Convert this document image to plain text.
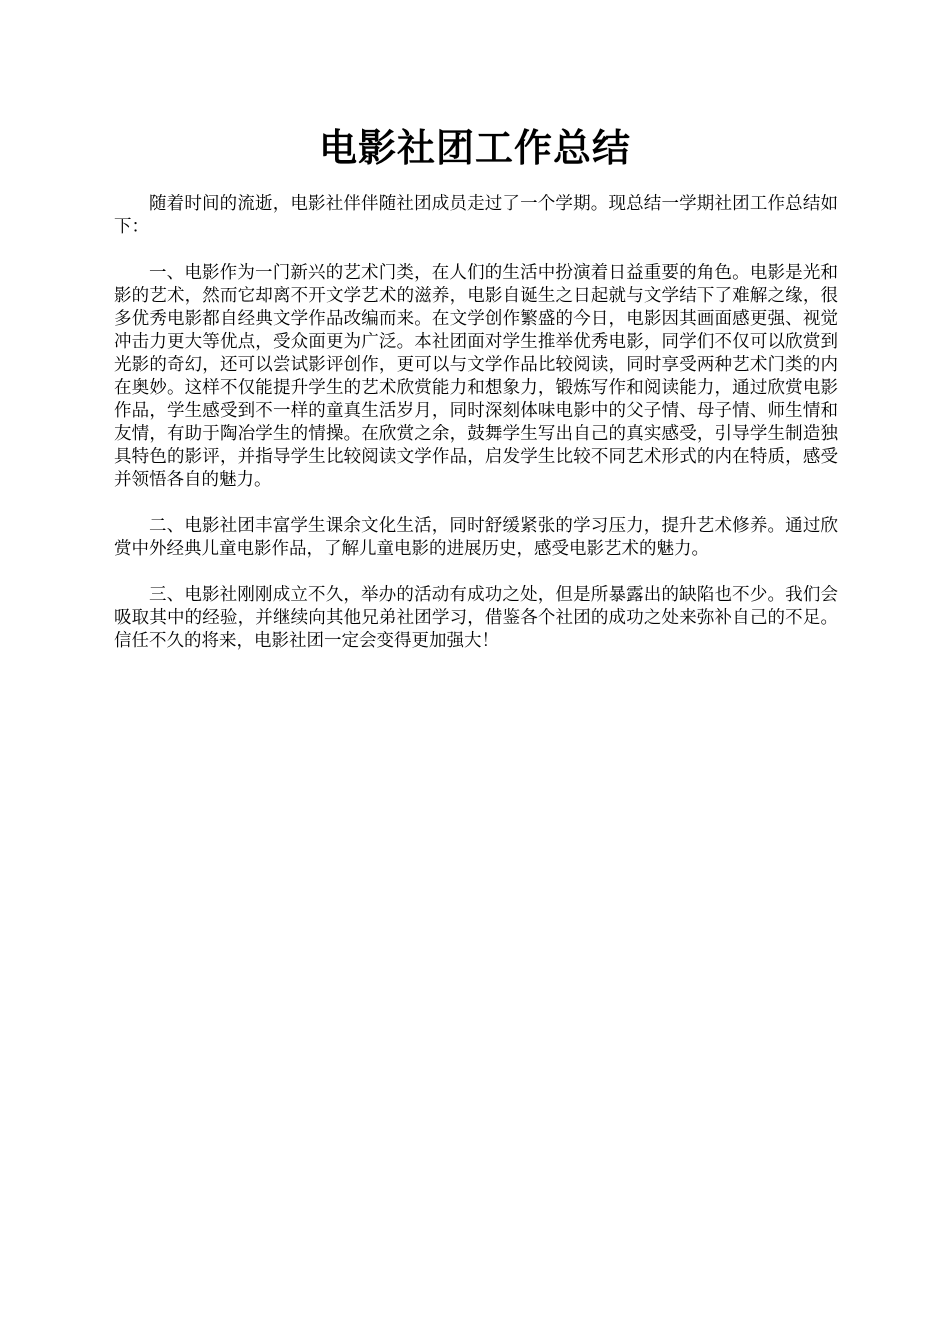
电影社团工作总结

随着时间的流逝，电影社伴伴随社团成员走过了一个学期。现总结一学期社团工作总结如下：

一、电影作为一门新兴的艺术门类，在人们的生活中扮演着日益重要的角色。电影是光和影的艺术，然而它却离不开文学艺术的滋养，电影自诞生之日起就与文学结下了难解之缘，很多优秀电影都自经典文学作品改编而来。在文学创作繁盛的今日，电影因其画面感更强、视觉冲击力更大等优点，受众面更为广泛。本社团面对学生推举优秀电影，同学们不仅可以欣赏到光影的奇幻，还可以尝试影评创作，更可以与文学作品比较阅读，同时享受两种艺术门类的内在奥妙。这样不仅能提升学生的艺术欣赏能力和想象力，锻炼写作和阅读能力，通过欣赏电影作品，学生感受到不一样的童真生活岁月，同时深刻体味电影中的父子情、母子情、师生情和友情，有助于陶冶学生的情操。在欣赏之余，鼓舞学生写出自己的真实感受，引导学生制造独具特色的影评，并指导学生比较阅读文学作品，启发学生比较不同艺术形式的内在特质，感受并领悟各自的魅力。

二、电影社团丰富学生课余文化生活，同时舒缓紧张的学习压力，提升艺术修养。通过欣赏中外经典儿童电影作品，了解儿童电影的进展历史，感受电影艺术的魅力。

三、电影社刚刚成立不久，举办的活动有成功之处，但是所暴露出的缺陷也不少。我们会吸取其中的经验，并继续向其他兄弟社团学习，借鉴各个社团的成功之处来弥补自己的不足。信任不久的将来，电影社团一定会变得更加强大！
